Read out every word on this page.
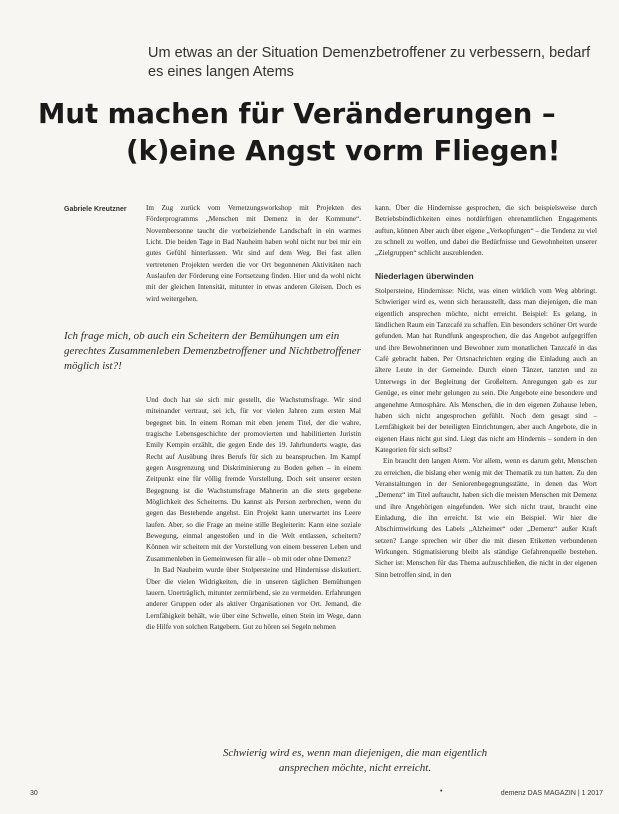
Um etwas an der Situation Demenzbetroffener zu verbessern, bedarf es eines langen Atems
Mut machen für Veränderungen –
(k)eine Angst vorm Fliegen!
Gabriele Kreutzner	Im Zug zurück vom Vernetzungsworkshop mit Projekten des Förderprogramms „Menschen mit Demenz in der Kommune“. Novembersonne taucht die vorbeiziehende Landschaft in ein warmes Licht. Die beiden Tage in Bad Nauheim haben wohl nicht nur bei mir ein gutes Gefühl hinterlassen. Wir sind auf dem Weg. Bei fast allen vertretenen Projekten werden die vor Ort begonnenen Aktivitäten nach Auslaufen der Förderung eine Fortsetzung finden. Hier und da wohl nicht mit der gleichen Intensität, mitunter in etwas anderen Gleisen. Doch es wird weitergehen.

Ich frage mich, ob auch ein Scheitern der Bemühungen um ein gerechtes Zusammenleben Demenzbetroffener und Nichtbetroffener möglich ist?!

Und doch hat sie sich mir gestellt, die Wachstumsfrage. Wir sind miteinander vertraut, sei ich, für vor vielen Jahren zum ersten Mal begegnet bin. In einem Roman mit eben jenem Titel, der die wahre, tragische Lebensgeschichte der promovierten und habilitierten Juristin Emily Kempin erzählt, die gegen Ende des 19. Jahrhunderts wagte, das Recht auf Ausübung ihres Berufs für sich zu beanspruchen. Im Kampf gegen Ausgrenzung und Diskriminierung zu Boden gehen – in einem Zeitpunkt eine für völlig fremde Vorstellung. Doch seit unserer ersten Begegnung ist die Wachstumsfrage Mahnerin an die stets gegebene Möglichkeit des Scheiterns. Du kannst als Person zerbrechen, wenn du gegen das Bestehende angehst. Ein Projekt kann unerwartet ins Leere laufen. Aber, so die Frage an meine stille Begleiterin: Kann eine soziale Bewegung, einmal angestoßen und in die Welt entlassen, scheitern? Können wir scheitern mit der Vorstellung von einem besseren Leben und Zusammenleben in Gemeinwesen für alle – ob mit oder ohne Demenz?

In Bad Nauheim wurde über Stolpersteine und Hindernisse diskutiert. Über die vielen Widrigkeiten, die in unseren täglichen Bemühungen lauern. Unerträglich, mitunter zermürbend, sie zu vermeiden. Erfahrungen anderer Gruppen oder als aktiver Organisationen vor Ort. Jemand, die Lernfähigkeit behält, wie über eine Schwelle, einen Stein im Wege, dann die Hilfe von solchen Ratgebern. Gut zu hören sei Segeln nehmen

kann. Über die Hindernisse gesprochen, die sich beispielsweise durch Betriebsbindlichkeiten eines notdürftigen ehrenamtlichen Engagements auftun, können Aber auch über eigene „Verkopfungen“ – die Tendenz zu viel zu schnell zu wollen, und dabei die Bedürfnisse und Gewohnheiten unserer „Zielgruppen“ schlicht auszublenden.

Niederlagen überwinden

Stolpersteine, Hindernisse: Nicht, was einen wirklich vom Weg abbringt. Schwieriger wird es, wenn sich herausstellt, dass man diejenigen, die man eigentlich ansprechen möchte, nicht erreicht. Beispiel: Es gelang, in ländlichen Raum ein Tanzcafé zu schaffen. Ein besonders schöner Ort wurde gefunden. Man hat Rundfunk angesprochen, die das Angebot aufgegriffen und ihre Bewohnerinnen und Bewohner zum monatlichen Tanzcafé in das Café gebracht haben. Per Ortsnachrichten erging die Einladung auch an ältere Leute in der Gemeinde. Durch einen Tänzer, tanzten und zu Unterwegs in der Begleitung der Großeltern. Anregungen gab es zur Genüge, es einer mehr gelungen zu sein. Die Angebote eine besondere und angenehme Atmosphäre. Als Menschen, die in den eigenen Zuhause leben, haben sich nicht angesprochen gefühlt. Noch dem gesagt sind – Lernfähigkeit bei der beteiligten Einrichtungen, aber auch Angebote, die in eigenen Haus nicht gut sind. Liegt das nicht am Hindernis – sondern in den Kategorien für sich selbst?

Ein braucht den langen Atem. Vor allem, wenn es darum geht, Menschen zu erreichen, die bislang eher wenig mit der Thematik zu tun hatten. Zu den Veranstaltungen in der Seniorenbegegnungsstätte, in denen das Wort „Demenz“ im Titel auftaucht, haben sich die meisten Menschen mit Demenz und ihre Angehörigen eingefunden. Wer sich nicht traut, braucht eine Einladung, die ihn erreicht. Ist wie ein Beispiel. Wir hier die Abschirmwirkung des Labels „Alzheimer“ oder „Demenz“ außer Kraft setzen? Lange sprechen wir über die mit diesen Etiketten verbundenen Wirkungen. Stigmatisierung bleibt als ständige Gefahrenquelle bestehen. Sicher ist: Menschen für das Thema aufzuschließen, die nicht in der eigenen Sinn betroffen sind, in den

Schwierig wird es, wenn man diejenigen, die man eigentlich ansprechen möchte, nicht erreicht.
30	•	demenz DAS MAGAZIN | 1 2017
